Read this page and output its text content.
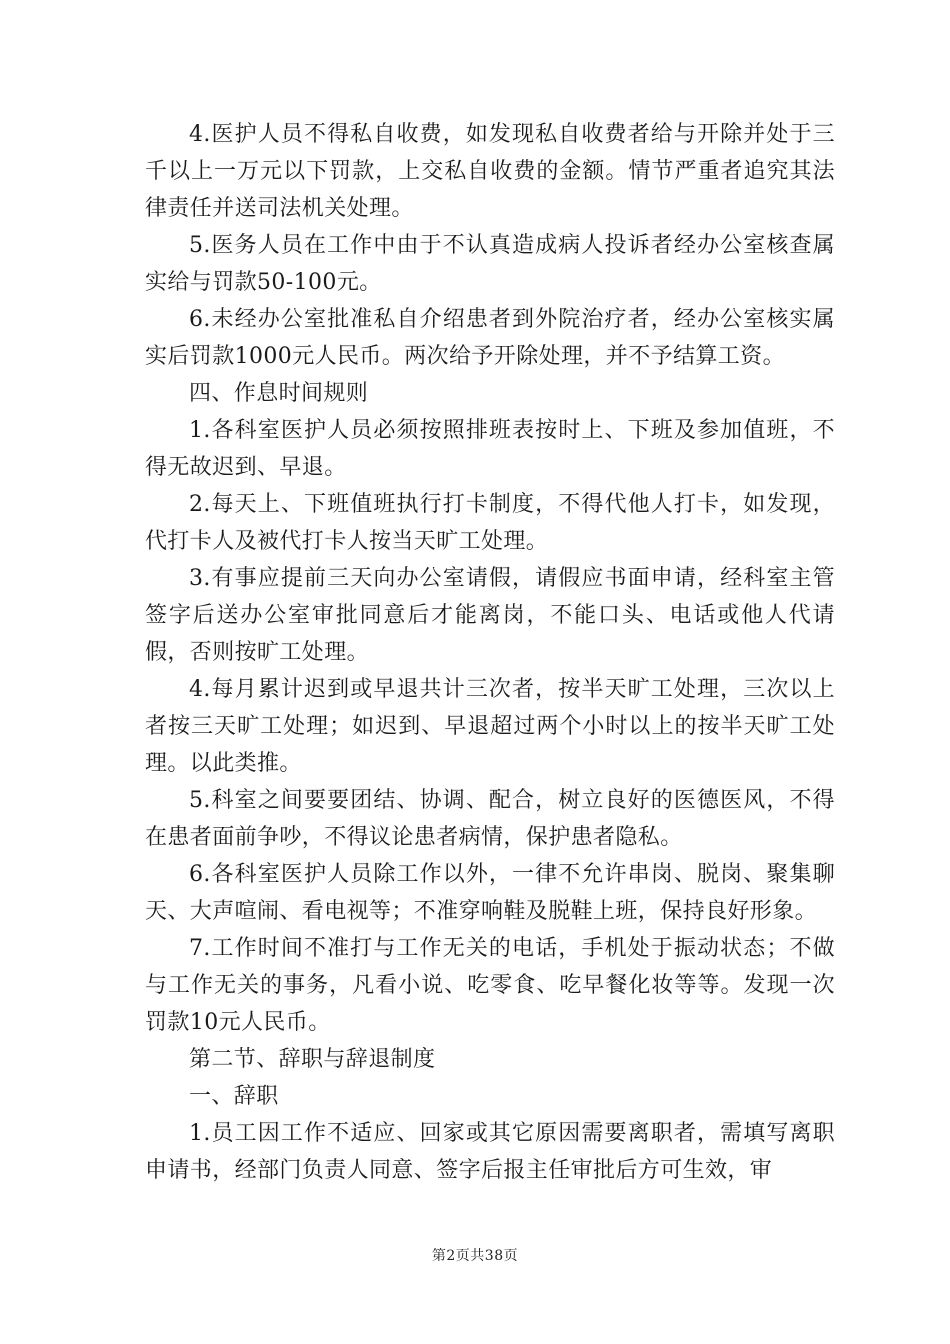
4.医护人员不得私自收费，如发现私自收费者给与开除并处于三千以上一万元以下罚款，上交私自收费的金额。情节严重者追究其法律责任并送司法机关处理。

5.医务人员在工作中由于不认真造成病人投诉者经办公室核查属实给与罚款50-100元。

6.未经办公室批准私自介绍患者到外院治疗者，经办公室核实属实后罚款1000元人民币。两次给予开除处理，并不予结算工资。

四、作息时间规则

1.各科室医护人员必须按照排班表按时上、下班及参加值班，不得无故迟到、早退。

2.每天上、下班值班执行打卡制度，不得代他人打卡，如发现，代打卡人及被代打卡人按当天旷工处理。

3.有事应提前三天向办公室请假，请假应书面申请，经科室主管签字后送办公室审批同意后才能离岗，不能口头、电话或他人代请假，否则按旷工处理。

4.每月累计迟到或早退共计三次者，按半天旷工处理，三次以上者按三天旷工处理；如迟到、早退超过两个小时以上的按半天旷工处理。以此类推。

5.科室之间要要团结、协调、配合，树立良好的医德医风，不得在患者面前争吵，不得议论患者病情，保护患者隐私。

6.各科室医护人员除工作以外，一律不允许串岗、脱岗、聚集聊天、大声喧闹、看电视等；不准穿响鞋及脱鞋上班，保持良好形象。

7.工作时间不准打与工作无关的电话，手机处于振动状态；不做与工作无关的事务，凡看小说、吃零食、吃早餐化妆等等。发现一次罚款10元人民币。

第二节、辞职与辞退制度

一、辞职

1.员工因工作不适应、回家或其它原因需要离职者，需填写离职申请书，经部门负责人同意、签字后报主任审批后方可生效，审

第2页共38页
